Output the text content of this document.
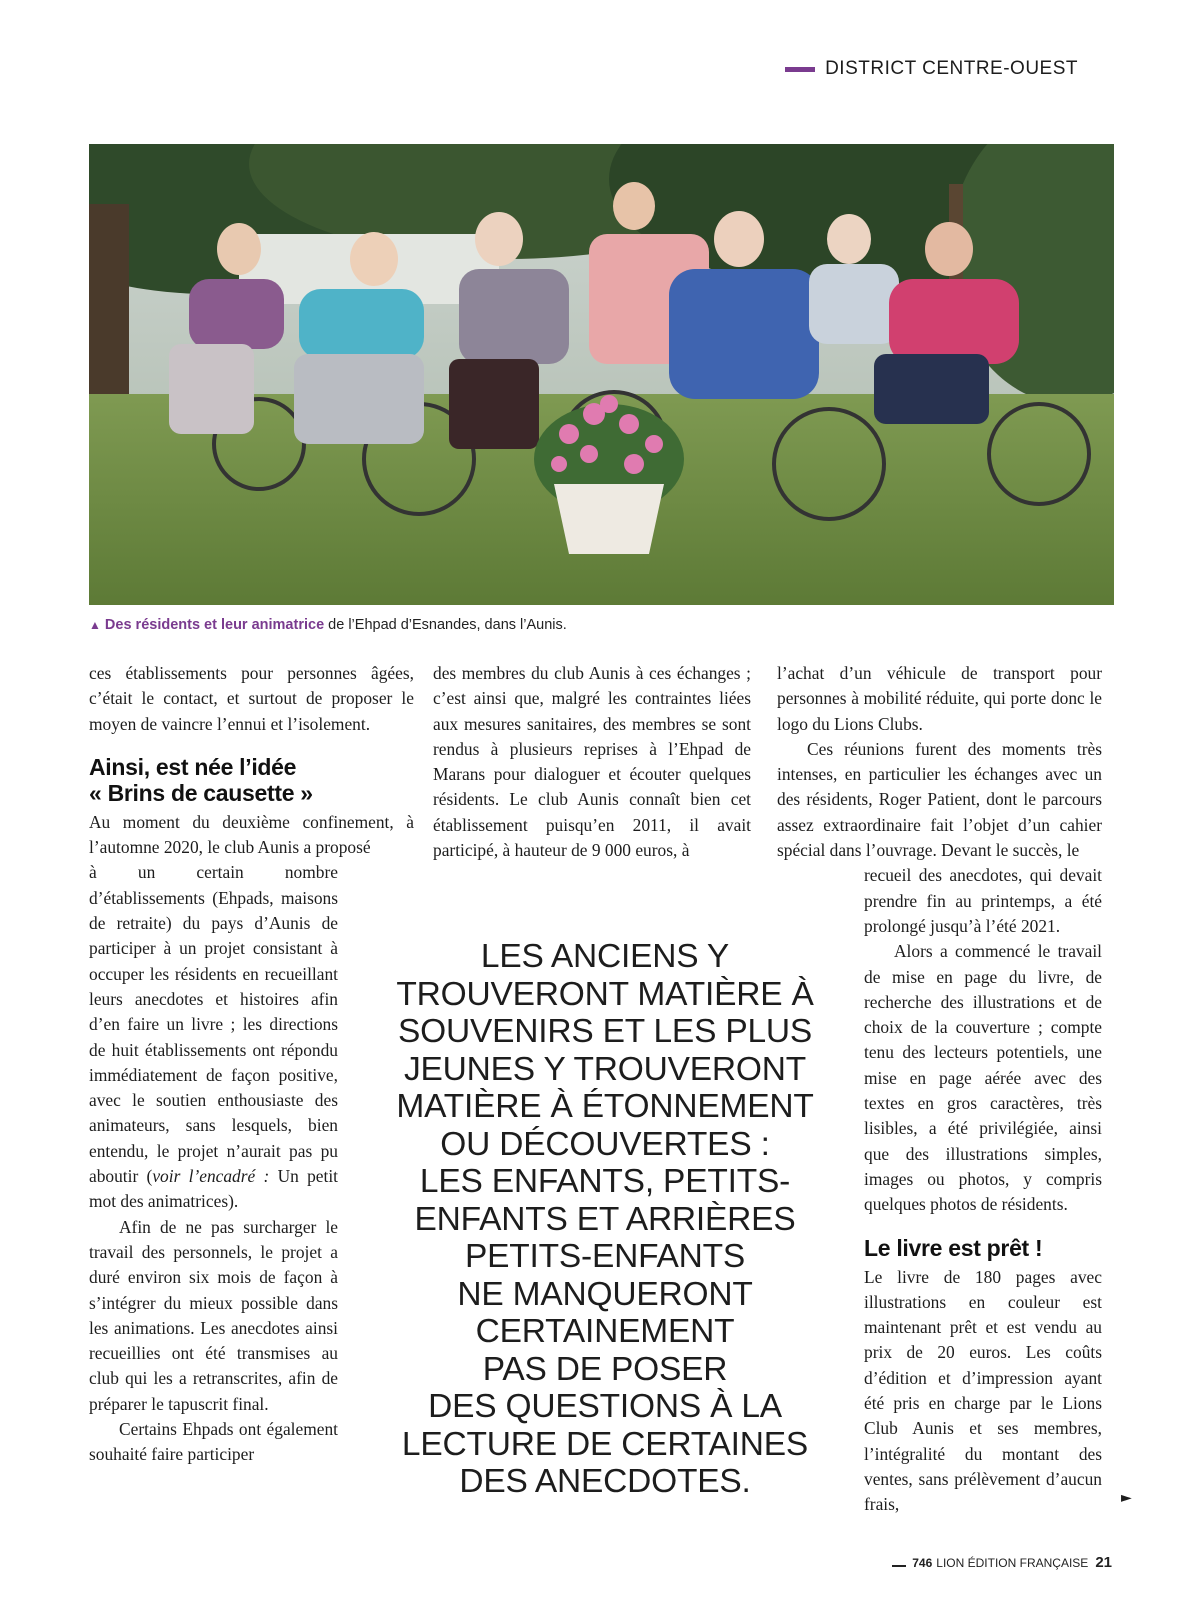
DISTRICT CENTRE-OUEST
▲ Des résidents et leur animatrice de l’Ehpad d’Esnandes, dans l’Aunis.

ces établissements pour personnes âgées, c’était le contact, et surtout de proposer le moyen de vaincre l’ennui et l’isolement.

Ainsi, est née l’idée
« Brins de causette »

Au moment du deuxième confinement, à l’automne 2020, le club Aunis a proposé

à un certain nombre d’établissements (Ehpads, maisons de retraite) du pays d’Aunis de participer à un projet consistant à occuper les résidents en recueillant leurs anecdotes et histoires afin d’en faire un livre ; les directions de huit établissements ont répondu immédiatement de façon positive, avec le soutien enthousiaste des animateurs, sans lesquels, bien entendu, le projet n’aurait pas pu aboutir (voir l’encadré : Un petit mot des animatrices).

Afin de ne pas surcharger le travail des personnels, le projet a duré environ six mois de façon à s’intégrer du mieux possible dans les animations. Les anecdotes ainsi recueillies ont été transmises au club qui les a retranscrites, afin de préparer le tapuscrit final.

Certains Ehpads ont également souhaité faire participer

des membres du club Aunis à ces échanges ; c’est ainsi que, malgré les contraintes liées aux mesures sanitaires, des membres se sont rendus à plusieurs reprises à l’Ehpad de Marans pour dialoguer et écouter quelques résidents. Le club Aunis connaît bien cet établissement puisqu’en 2011, il avait participé, à hauteur de 9 000 euros, à

LES ANCIENS Y
TROUVERONT MATIÈRE À
SOUVENIRS ET LES PLUS
JEUNES Y TROUVERONT
MATIÈRE À ÉTONNEMENT
OU DÉCOUVERTES :
LES ENFANTS, PETITS-
ENFANTS ET ARRIÈRES
PETITS-ENFANTS
NE MANQUERONT
CERTAINEMENT
PAS DE POSER
DES QUESTIONS À LA
LECTURE DE CERTAINES
DES ANECDOTES.

l’achat d’un véhicule de transport pour personnes à mobilité réduite, qui porte donc le logo du Lions Clubs.

Ces réunions furent des moments très intenses, en particulier les échanges avec un des résidents, Roger Patient, dont le parcours assez extraordinaire fait l’objet d’un cahier spécial dans l’ouvrage. Devant le succès, le

recueil des anecdotes, qui devait prendre fin au printemps, a été prolongé jusqu’à l’été 2021.

Alors a commencé le travail de mise en page du livre, de recherche des illustrations et de choix de la couverture ; compte tenu des lecteurs potentiels, une mise en page aérée avec des textes en gros caractères, très lisibles, a été privilégiée, ainsi que des illustrations simples, images ou photos, y compris quelques photos de résidents.

Le livre est prêt !

Le livre de 180 pages avec illustrations en couleur est maintenant prêt et est vendu au prix de 20 euros. Les coûts d’édition et d’impression ayant été pris en charge par le Lions Club Aunis et ses membres, l’intégralité du montant des ventes, sans prélèvement d’aucun frais,	►
746 LION ÉDITION FRANÇAISE 21
